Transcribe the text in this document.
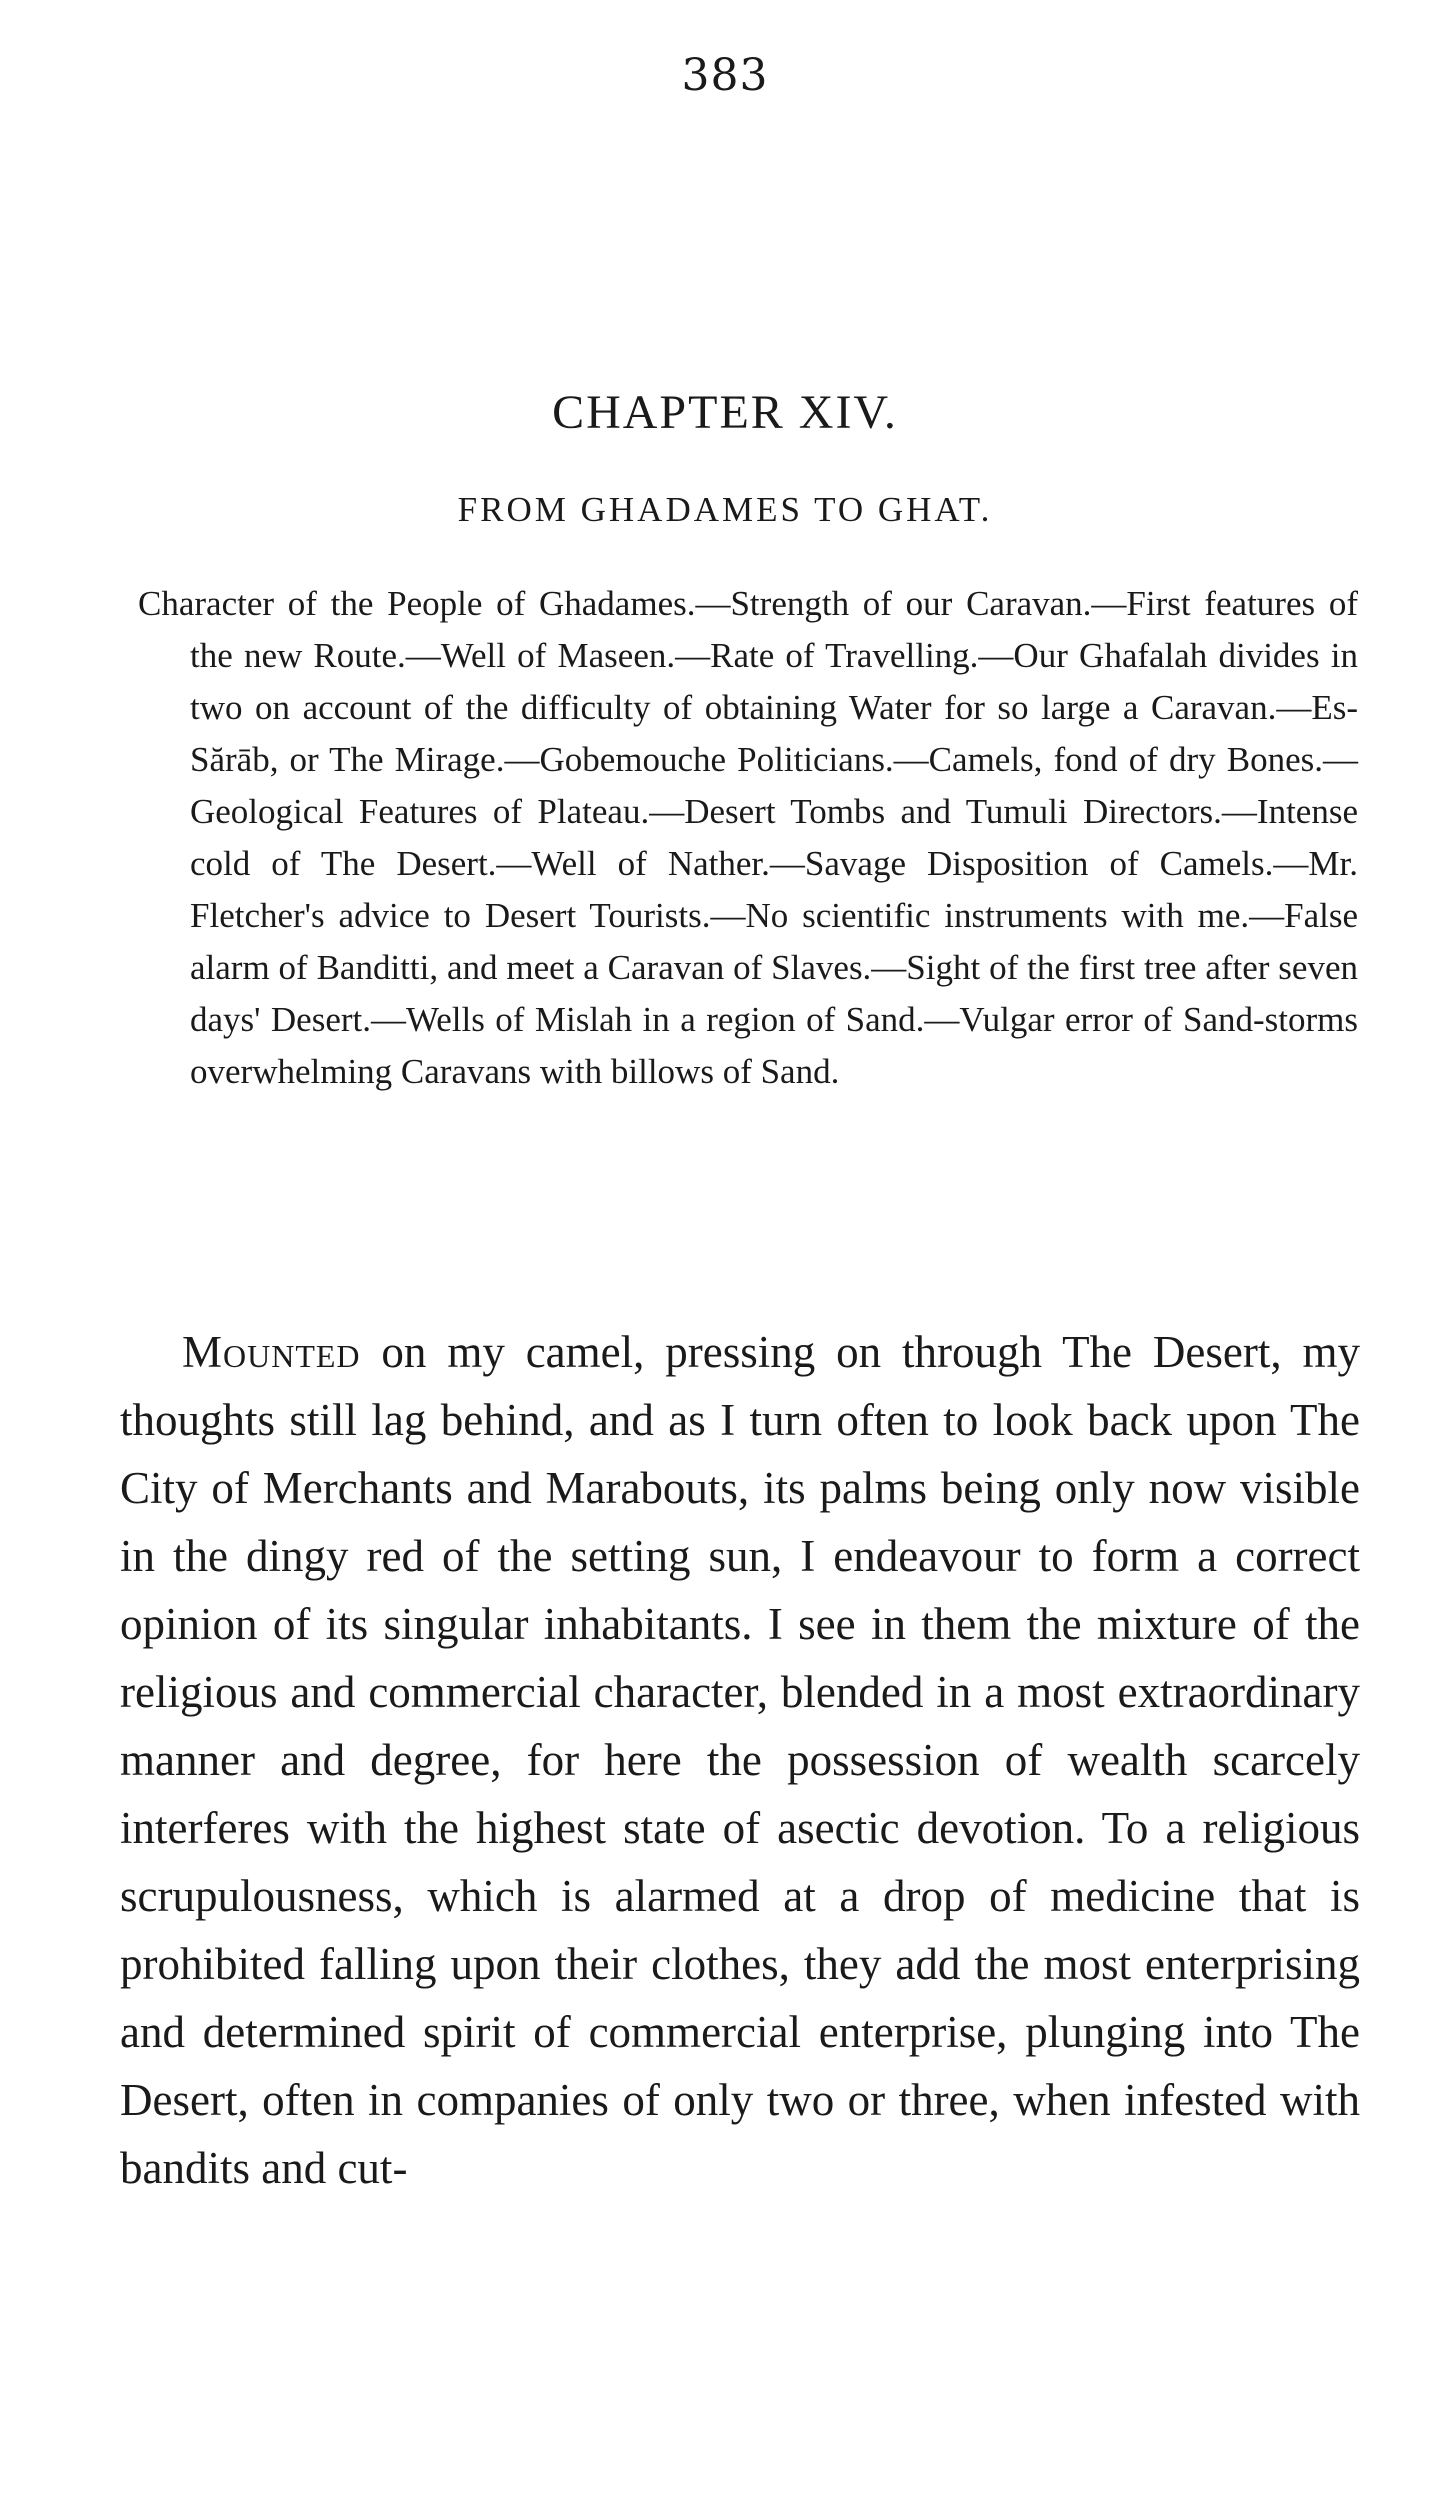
383
CHAPTER XIV.
FROM GHADAMES TO GHAT.
Character of the People of Ghadames.—Strength of our Caravan.—First features of the new Route.—Well of Maseen.—Rate of Travelling.—Our Ghafalah divides in two on account of the difficulty of obtaining Water for so large a Caravan.—Es-Sărāb, or The Mirage.—Gobemouche Politicians.—Camels, fond of dry Bones.—Geological Features of Plateau.—Desert Tombs and Tumuli Directors.—Intense cold of The Desert.—Well of Nather.—Savage Disposition of Camels.—Mr. Fletcher's advice to Desert Tourists.—No scientific instruments with me.—False alarm of Banditti, and meet a Caravan of Slaves.—Sight of the first tree after seven days' Desert.—Wells of Mislah in a region of Sand.—Vulgar error of Sand-storms overwhelming Caravans with billows of Sand.
Mounted on my camel, pressing on through The Desert, my thoughts still lag behind, and as I turn often to look back upon The City of Merchants and Marabouts, its palms being only now visible in the dingy red of the setting sun, I endeavour to form a correct opinion of its singular inhabitants. I see in them the mixture of the religious and commercial character, blended in a most extraordinary manner and degree, for here the possession of wealth scarcely interferes with the highest state of asectic devotion. To a religious scrupulousness, which is alarmed at a drop of medicine that is prohibited falling upon their clothes, they add the most enterprising and determined spirit of commercial enterprise, plunging into The Desert, often in companies of only two or three, when infested with bandits and cut-
